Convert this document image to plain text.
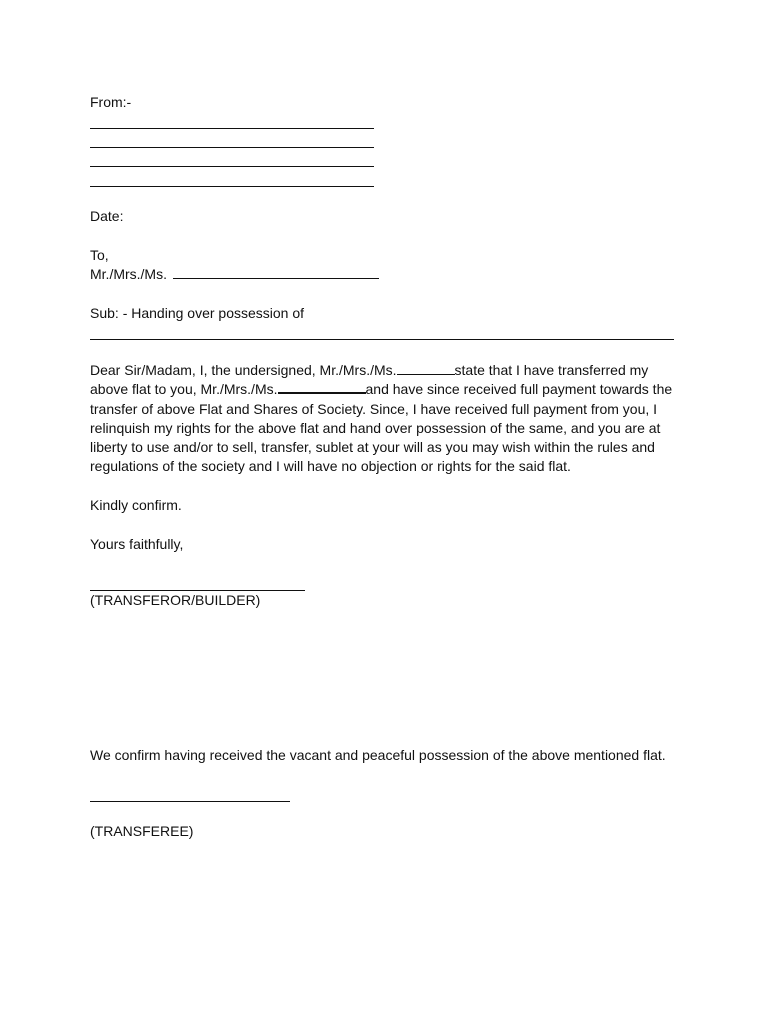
From:-
Date:
To,
Mr./Mrs./Ms.
Sub: - Handing over possession of
Dear Sir/Madam, I, the undersigned, Mr./Mrs./Ms.	state that I have transferred my above flat to you, Mr./Mrs./Ms.	and have since received full payment towards the transfer of above Flat and Shares of Society. Since, I have received full payment from you, I relinquish my rights for the above flat and hand over possession of the same, and you are at liberty to use and/or to sell, transfer, sublet at your will as you may wish within the rules and regulations of the society and I will have no objection or rights for the said flat.
Kindly confirm.
Yours faithfully,
(TRANSFEROR/BUILDER)
We confirm having received the vacant and peaceful possession of the above mentioned flat.
(TRANSFEREE)
